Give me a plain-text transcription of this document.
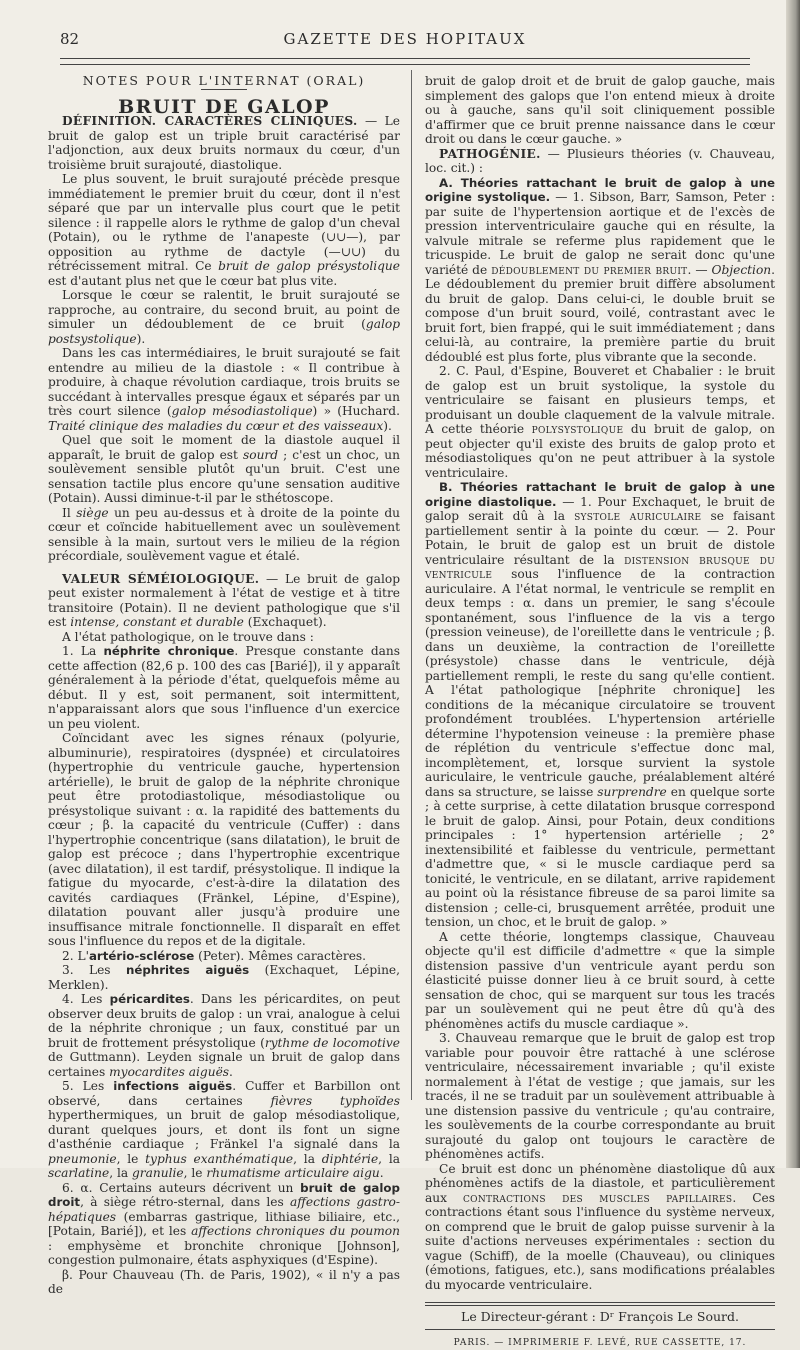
82	GAZETTE DES HOPITAUX

NOTES POUR L'INTERNAT (ORAL)

BRUIT DE GALOP

DÉFINITION. CARACTÈRES CLINIQUES. — Le bruit de galop est un triple bruit caractérisé par l'adjonction, aux deux bruits normaux du cœur, d'un troisième bruit surajouté, diastolique.

Le plus souvent, le bruit surajouté précède presque immédiatement le premier bruit du cœur, dont il n'est séparé que par un intervalle plus court que le petit silence : il rappelle alors le rythme de galop d'un cheval (Potain), ou le rythme de l'anapeste (∪∪—), par opposition au rythme de dactyle (—∪∪) du rétrécissement mitral. Ce bruit de galop présystolique est d'autant plus net que le cœur bat plus vite.

Lorsque le cœur se ralentit, le bruit surajouté se rapproche, au contraire, du second bruit, au point de simuler un dédoublement de ce bruit (galop postsystolique).

Dans les cas intermédiaires, le bruit surajouté se fait entendre au milieu de la diastole : « Il contribue à produire, à chaque révolution cardiaque, trois bruits se succédant à intervalles presque égaux et séparés par un très court silence (galop mésodiastolique) » (Huchard. Traité clinique des maladies du cœur et des vaisseaux).

Quel que soit le moment de la diastole auquel il apparaît, le bruit de galop est sourd ; c'est un choc, un soulèvement sensible plutôt qu'un bruit. C'est une sensation tactile plus encore qu'une sensation auditive (Potain). Aussi diminue-t-il par le sthétoscope.

Il siège un peu au-dessus et à droite de la pointe du cœur et coïncide habituellement avec un soulèvement sensible à la main, surtout vers le milieu de la région précordiale, soulèvement vague et étalé.

VALEUR SÉMÉIOLOGIQUE. — Le bruit de galop peut exister normalement à l'état de vestige et à titre transitoire (Potain). Il ne devient pathologique que s'il est intense, constant et durable (Exchaquet).

A l'état pathologique, on le trouve dans :

1. La néphrite chronique. Presque constante dans cette affection (82,6 p. 100 des cas [Barié]), il y apparaît généralement à la période d'état, quelquefois même au début. Il y est, soit permanent, soit intermittent, n'apparaissant alors que sous l'influence d'un exercice un peu violent.

Coïncidant avec les signes rénaux (polyurie, albuminurie), respiratoires (dyspnée) et circulatoires (hypertrophie du ventricule gauche, hypertension artérielle), le bruit de galop de la néphrite chronique peut être protodiastolique, mésodiastolique ou présystolique suivant : α. la rapidité des battements du cœur ; β. la capacité du ventricule (Cuffer) : dans l'hypertrophie concentrique (sans dilatation), le bruit de galop est précoce ; dans l'hypertrophie excentrique (avec dilatation), il est tardif, présystolique. Il indique la fatigue du myocarde, c'est-à-dire la dilatation des cavités cardiaques (Fränkel, Lépine, d'Espine), dilatation pouvant aller jusqu'à produire une insuffisance mitrale fonctionnelle. Il disparaît en effet sous l'influence du repos et de la digitale.

2. L'artério-sclérose (Peter). Mêmes caractères.

3. Les néphrites aiguës (Exchaquet, Lépine, Merklen).

4. Les péricardites. Dans les péricardites, on peut observer deux bruits de galop : un vrai, analogue à celui de la néphrite chronique ; un faux, constitué par un bruit de frottement présystolique (rythme de locomotive de Guttmann). Leyden signale un bruit de galop dans certaines myocardites aiguës.

5. Les infections aiguës. Cuffer et Barbillon ont observé, dans certaines fièvres typhoïdes hyperthermiques, un bruit de galop mésodiastolique, durant quelques jours, et dont ils font un signe d'asthénie cardiaque ; Fränkel l'a signalé dans la pneumonie, le typhus exanthématique, la diphtérie, la scarlatine, la granulie, le rhumatisme articulaire aigu.

6. α. Certains auteurs décrivent un bruit de galop droit, à siège rétro-sternal, dans les affections gastro-hépatiques (embarras gastrique, lithiase biliaire, etc., [Potain, Barié]), et les affections chroniques du poumon : emphysème et bronchite chronique [Johnson], congestion pulmonaire, états asphyxiques (d'Espine).

β. Pour Chauveau (Th. de Paris, 1902), « il n'y a pas de

bruit de galop droit et de bruit de galop gauche, mais simplement des galops que l'on entend mieux à droite ou à gauche, sans qu'il soit cliniquement possible d'affirmer que ce bruit prenne naissance dans le cœur droit ou dans le cœur gauche. »

PATHOGÉNIE. — Plusieurs théories (v. Chauveau, loc. cit.) :

A. Théories rattachant le bruit de galop à une origine systolique. — 1. Sibson, Barr, Samson, Peter : par suite de l'hypertension aortique et de l'excès de pression interventriculaire gauche qui en résulte, la valvule mitrale se referme plus rapidement que le tricuspide. Le bruit de galop ne serait donc qu'une variété de dédoublement du premier bruit. — Objection. Le dédoublement du premier bruit diffère absolument du bruit de galop. Dans celui-ci, le double bruit se compose d'un bruit sourd, voilé, contrastant avec le bruit fort, bien frappé, qui le suit immédiatement ; dans celui-là, au contraire, la première partie du bruit dédoublé est plus forte, plus vibrante que la seconde.

2. C. Paul, d'Espine, Bouveret et Chabalier : le bruit de galop est un bruit systolique, la systole du ventriculaire se faisant en plusieurs temps, et produisant un double claquement de la valvule mitrale. A cette théorie polysystolique du bruit de galop, on peut objecter qu'il existe des bruits de galop proto et mésodiastoliques qu'on ne peut attribuer à la systole ventriculaire.

B. Théories rattachant le bruit de galop à une origine diastolique. — 1. Pour Exchaquet, le bruit de galop serait dû à la systole auriculaire se faisant partiellement sentir à la pointe du cœur. — 2. Pour Potain, le bruit de galop est un bruit de distole ventriculaire résultant de la distension brusque du ventricule sous l'influence de la contraction auriculaire. A l'état normal, le ventricule se remplit en deux temps : α. dans un premier, le sang s'écoule spontanément, sous l'influence de la vis a tergo (pression veineuse), de l'oreillette dans le ventricule ; β. dans un deuxième, la contraction de l'oreillette (présystole) chasse dans le ventricule, déjà partiellement rempli, le reste du sang qu'elle contient. A l'état pathologique [néphrite chronique] les conditions de la mécanique circulatoire se trouvent profondément troublées. L'hypertension artérielle détermine l'hypotension veineuse : la première phase de réplétion du ventricule s'effectue donc mal, incomplètement, et, lorsque survient la systole auriculaire, le ventricule gauche, préalablement altéré dans sa structure, se laisse surprendre en quelque sorte ; à cette surprise, à cette dilatation brusque correspond le bruit de galop. Ainsi, pour Potain, deux conditions principales : 1° hypertension artérielle ; 2° inextensibilité et faiblesse du ventricule, permettant d'admettre que, « si le muscle cardiaque perd sa tonicité, le ventricule, en se dilatant, arrive rapidement au point où la résistance fibreuse de sa paroi limite sa distension ; celle-ci, brusquement arrêtée, produit une tension, un choc, et le bruit de galop. »

A cette théorie, longtemps classique, Chauveau objecte qu'il est difficile d'admettre « que la simple distension passive d'un ventricule ayant perdu son élasticité puisse donner lieu à ce bruit sourd, à cette sensation de choc, qui se marquent sur tous les tracés par un soulèvement qui ne peut être dû qu'à des phénomènes actifs du muscle cardiaque ».

3. Chauveau remarque que le bruit de galop est trop variable pour pouvoir être rattaché à une sclérose ventriculaire, nécessairement invariable ; qu'il existe normalement à l'état de vestige ; que jamais, sur les tracés, il ne se traduit par un soulèvement attribuable à une distension passive du ventricule ; qu'au contraire, les soulèvements de la courbe correspondante au bruit surajouté du galop ont toujours le caractère de phénomènes actifs.

Ce bruit est donc un phénomène diastolique dû aux phénomènes actifs de la diastole, et particulièrement aux contractions des muscles papillaires. Ces contractions étant sous l'influence du système nerveux, on comprend que le bruit de galop puisse survenir à la suite d'actions nerveuses expérimentales : section du vague (Schiff), de la moelle (Chauveau), ou cliniques (émotions, fatigues, etc.), sans modifications préalables du myocarde ventriculaire.

Le Directeur-gérant : Dʳ François Le Sourd.

PARIS. — IMPRIMERIE F. LEVÉ, RUE CASSETTE, 17.
